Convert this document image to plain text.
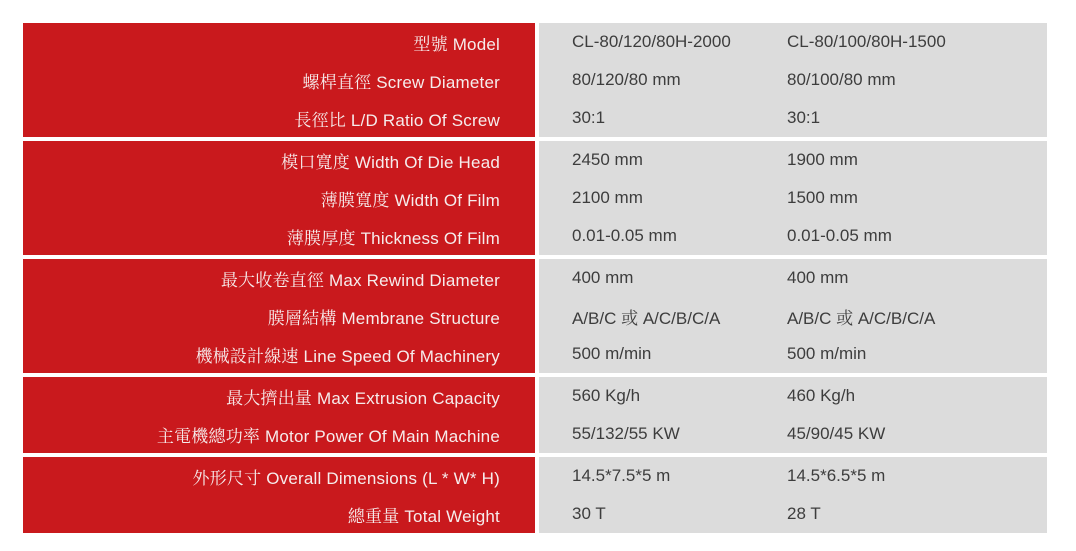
型號 Model	CL-80/120/80H-2000	CL-80/100/80H-1500
螺桿直徑 Screw Diameter	80/120/80 mm	80/100/80 mm
長徑比 L/D Ratio Of Screw	30:1	30:1
模口寬度 Width Of Die Head	2450 mm	1900 mm
薄膜寬度 Width Of Film	2100 mm	1500 mm
薄膜厚度 Thickness Of Film	0.01-0.05 mm	0.01-0.05 mm
最大收卷直徑 Max Rewind Diameter	400 mm	400 mm
膜層結構 Membrane Structure	A/B/C 或 A/C/B/C/A	A/B/C 或 A/C/B/C/A
機械設計線速 Line Speed Of Machinery	500 m/min	500 m/min
最大擠出量 Max Extrusion Capacity	560 Kg/h	460 Kg/h
主電機總功率 Motor Power Of Main Machine	55/132/55 KW	45/90/45 KW
外形尺寸 Overall Dimensions (L * W* H)	14.5*7.5*5 m	14.5*6.5*5 m
總重量 Total Weight	30 T	28 T
